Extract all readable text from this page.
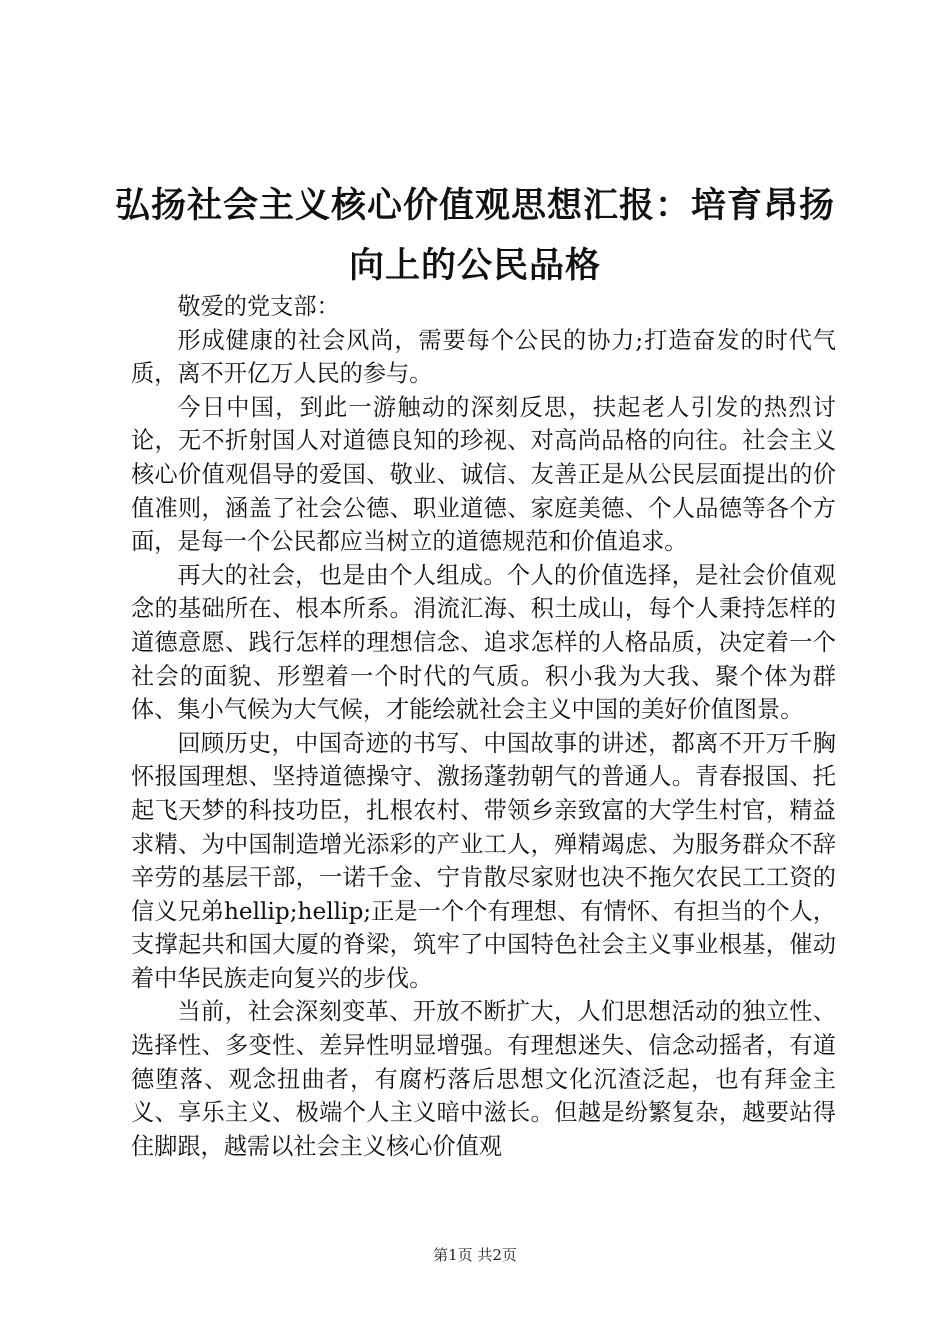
弘扬社会主义核心价值观思想汇报：培育昂扬
向上的公民品格

敬爱的党支部：

形成健康的社会风尚，需要每个公民的协力;打造奋发的时代气质，离不开亿万人民的参与。

今日中国，到此一游触动的深刻反思，扶起老人引发的热烈讨论，无不折射国人对道德良知的珍视、对高尚品格的向往。社会主义核心价值观倡导的爱国、敬业、诚信、友善正是从公民层面提出的价值准则，涵盖了社会公德、职业道德、家庭美德、个人品德等各个方面，是每一个公民都应当树立的道德规范和价值追求。

再大的社会，也是由个人组成。个人的价值选择，是社会价值观念的基础所在、根本所系。涓流汇海、积土成山，每个人秉持怎样的道德意愿、践行怎样的理想信念、追求怎样的人格品质，决定着一个社会的面貌、形塑着一个时代的气质。积小我为大我、聚个体为群体、集小气候为大气候，才能绘就社会主义中国的美好价值图景。

回顾历史，中国奇迹的书写、中国故事的讲述，都离不开万千胸怀报国理想、坚持道德操守、激扬蓬勃朝气的普通人。青春报国、托起飞天梦的科技功臣，扎根农村、带领乡亲致富的大学生村官，精益求精、为中国制造增光添彩的产业工人，殚精竭虑、为服务群众不辞辛劳的基层干部，一诺千金、宁肯散尽家财也决不拖欠农民工工资的信义兄弟hellip;hellip;正是一个个有理想、有情怀、有担当的个人，支撑起共和国大厦的脊梁，筑牢了中国特色社会主义事业根基，催动着中华民族走向复兴的步伐。

当前，社会深刻变革、开放不断扩大，人们思想活动的独立性、选择性、多变性、差异性明显增强。有理想迷失、信念动摇者，有道德堕落、观念扭曲者，有腐朽落后思想文化沉渣泛起，也有拜金主义、享乐主义、极端个人主义暗中滋长。但越是纷繁复杂，越要站得住脚跟，越需以社会主义核心价值观

第1页 共2页
